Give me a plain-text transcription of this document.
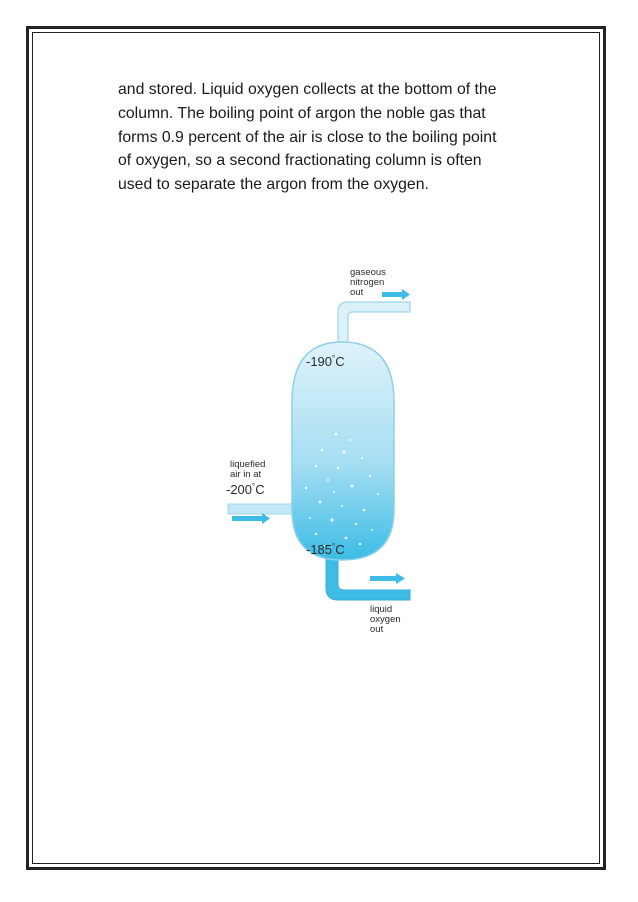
and stored. Liquid oxygen collects at the bottom of the
column. The boiling point of argon the noble gas that
forms 0.9 percent of the air is close to the boiling point
of oxygen, so a second fractionating column is often
used to separate the argon from the oxygen.

gaseous
nitrogen
out
-190°C
liquefied
air in at
-200°C
-185°C
liquid
oxygen
out
